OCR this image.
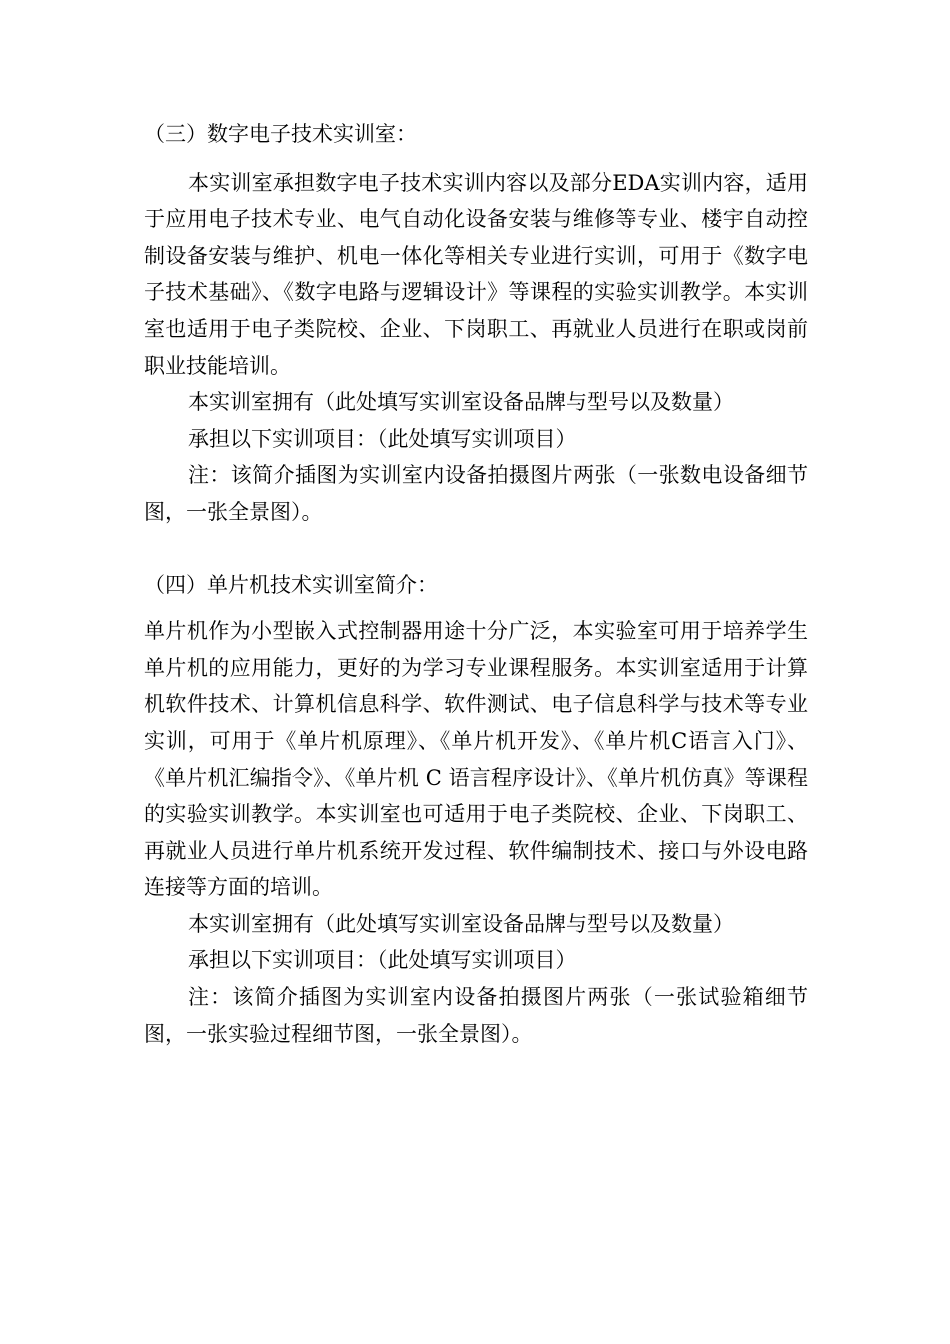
（三）数字电子技术实训室：

本实训室承担数字电子技术实训内容以及部分EDA实训内容，适用于应用电子技术专业、电气自动化设备安装与维修等专业、楼宇自动控制设备安装与维护、机电一体化等相关专业进行实训，可用于《数字电子技术基础》、《数字电路与逻辑设计》等课程的实验实训教学。本实训室也适用于电子类院校、企业、下岗职工、再就业人员进行在职或岗前职业技能培训。

本实训室拥有（此处填写实训室设备品牌与型号以及数量）

承担以下实训项目：（此处填写实训项目）

注：该简介插图为实训室内设备拍摄图片两张（一张数电设备细节图，一张全景图）。

（四）单片机技术实训室简介：

单片机作为小型嵌入式控制器用途十分广泛，本实验室可用于培养学生单片机的应用能力，更好的为学习专业课程服务。本实训室适用于计算机软件技术、计算机信息科学、软件测试、电子信息科学与技术等专业实训，可用于《单片机原理》、《单片机开发》、《单片机C语言入门》、《单片机汇编指令》、《单片机 C 语言程序设计》、《单片机仿真》等课程的实验实训教学。本实训室也可适用于电子类院校、企业、下岗职工、再就业人员进行单片机系统开发过程、软件编制技术、接口与外设电路连接等方面的培训。

本实训室拥有（此处填写实训室设备品牌与型号以及数量）

承担以下实训项目：（此处填写实训项目）

注：该简介插图为实训室内设备拍摄图片两张（一张试验箱细节图，一张实验过程细节图，一张全景图）。
